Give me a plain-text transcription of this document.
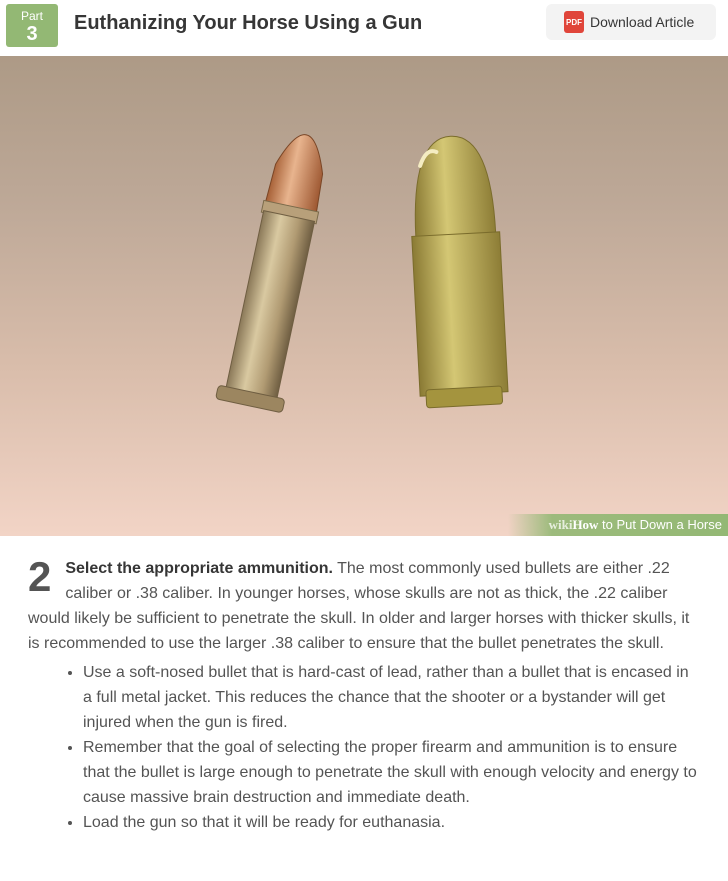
Part
3	Euthanizing Your Horse Using a Gun	PDF Download Article
wikiHow to Put Down a Horse
2 Select the appropriate ammunition. The most commonly used bullets are either .22 caliber or .38 caliber. In younger horses, whose skulls are not as thick, the .22 caliber would likely be sufficient to penetrate the skull. In older and larger horses with thicker skulls, it is recommended to use the larger .38 caliber to ensure that the bullet penetrates the skull.
• Use a soft-nosed bullet that is hard-cast of lead, rather than a bullet that is encased in a full metal jacket. This reduces the chance that the shooter or a bystander will get injured when the gun is fired.
• Remember that the goal of selecting the proper firearm and ammunition is to ensure that the bullet is large enough to penetrate the skull with enough velocity and energy to cause massive brain destruction and immediate death.
• Load the gun so that it will be ready for euthanasia.
